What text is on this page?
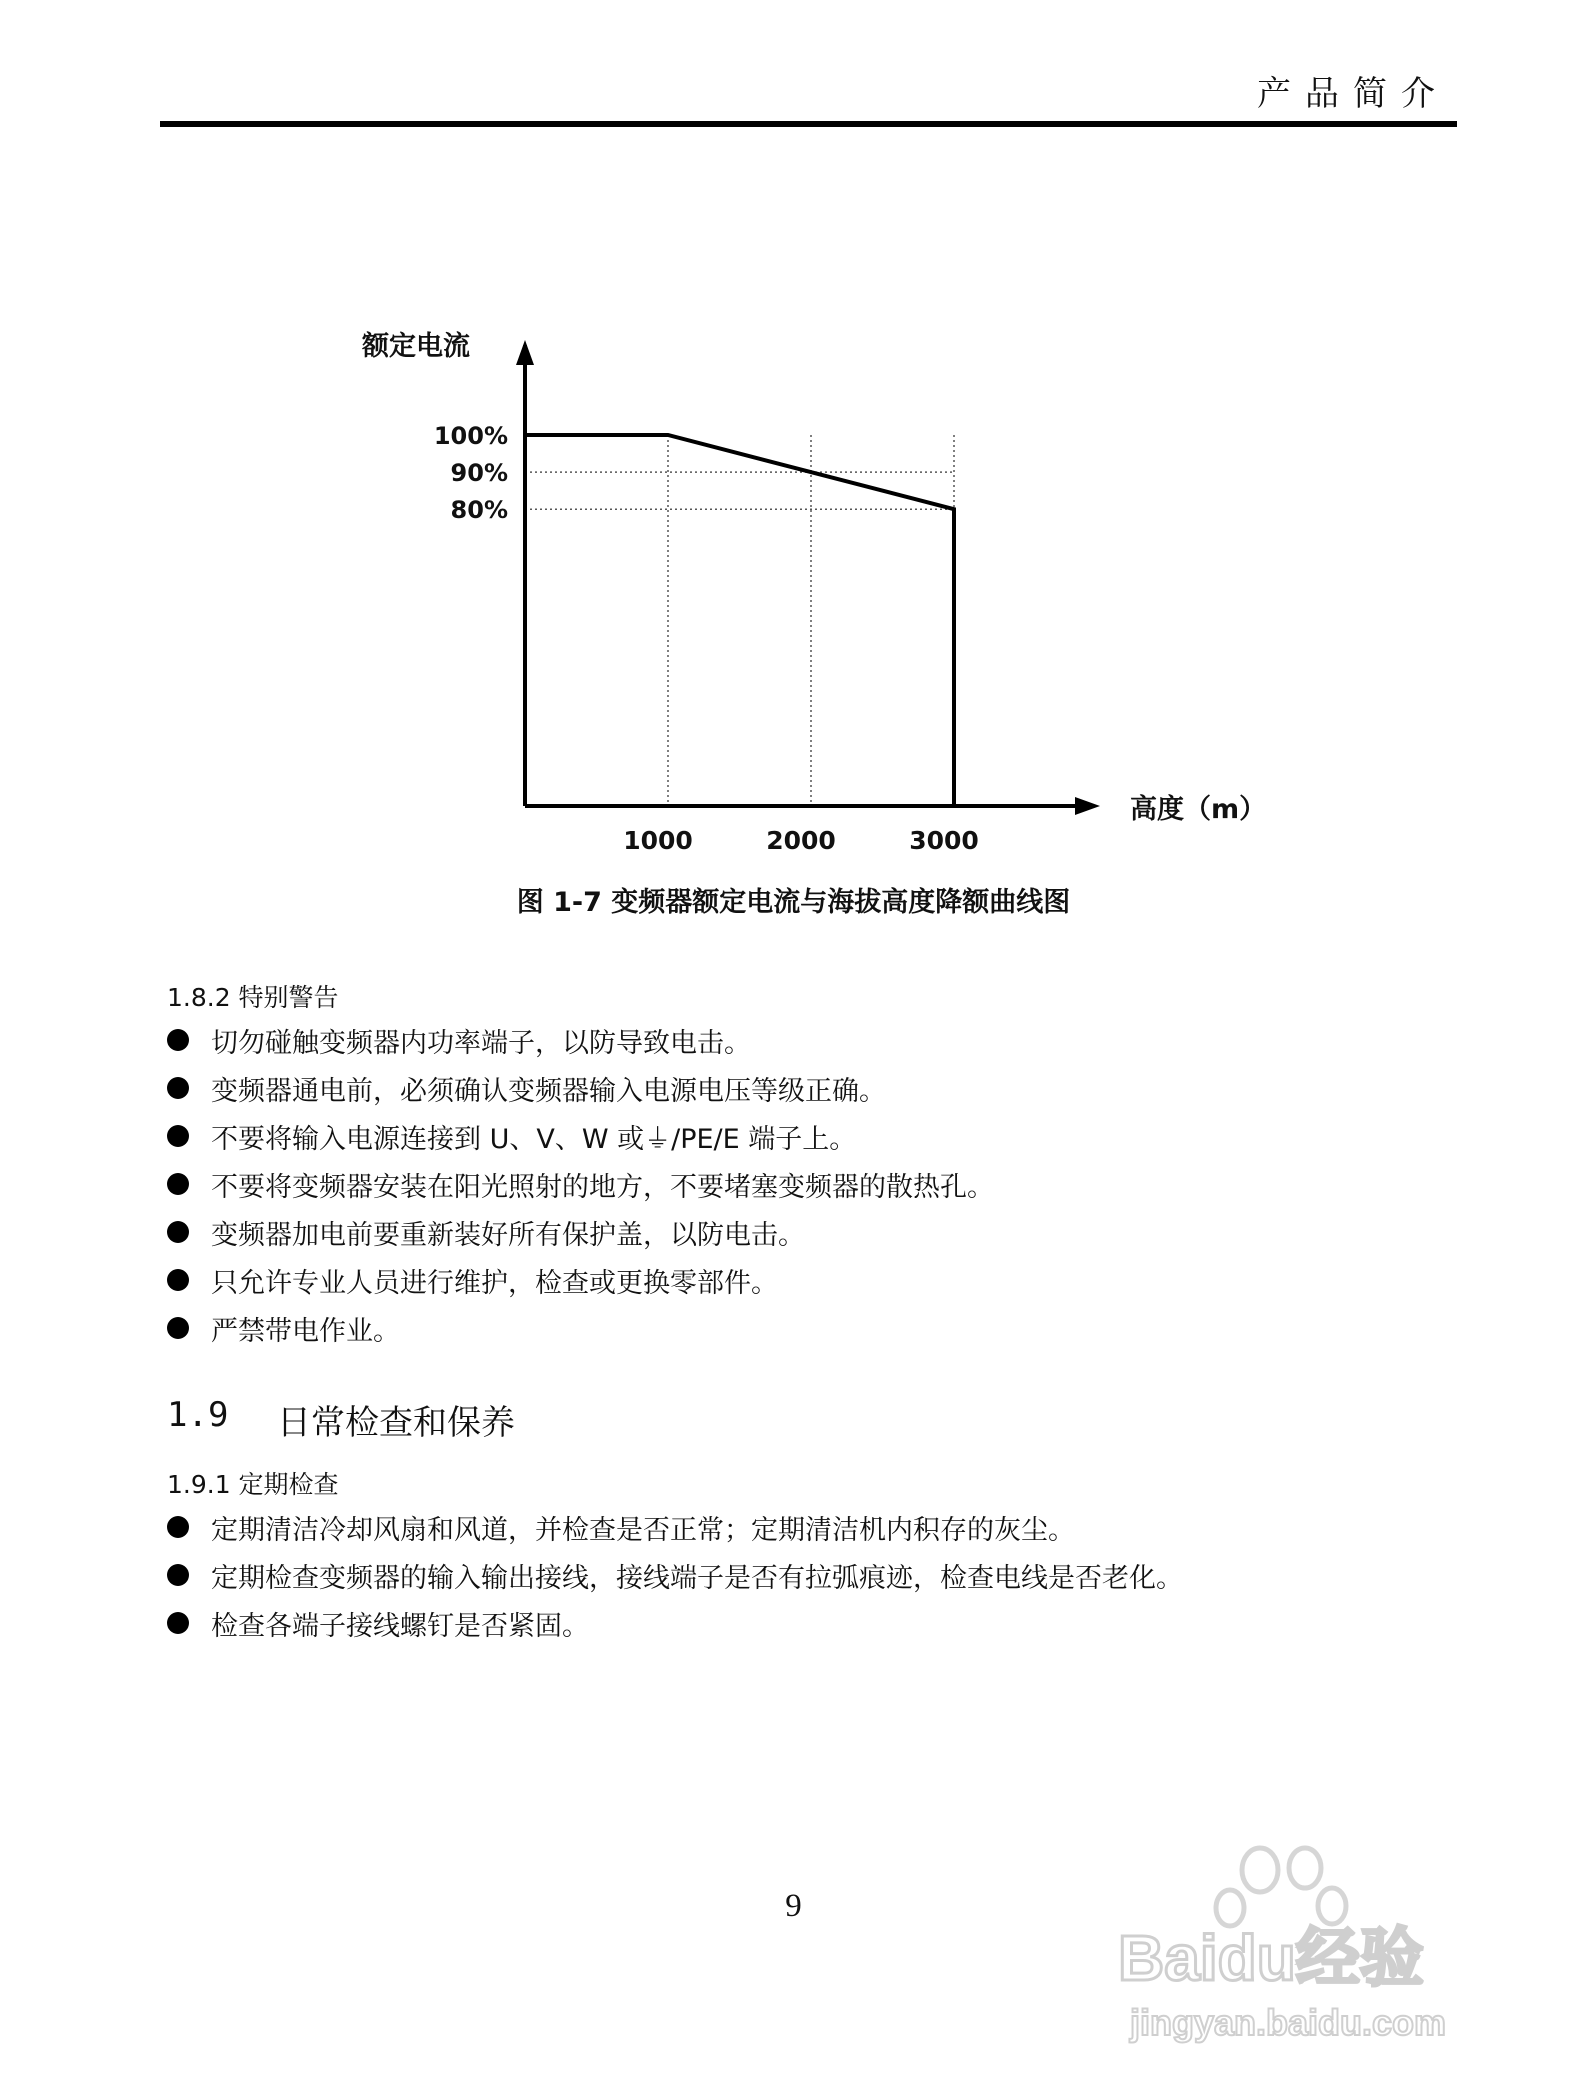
产品简介
额定电流
高度（m）
100%
90%
80%
1000	2000	3000
图 1-7 变频器额定电流与海拔高度降额曲线图
1.8.2 特别警告
切勿碰触变频器内功率端子，以防导致电击。
变频器通电前，必须确认变频器输入电源电压等级正确。
不要将输入电源连接到 U、V、W 或⏚/PE/E 端子上。
不要将变频器安装在阳光照射的地方，不要堵塞变频器的散热孔。
变频器加电前要重新装好所有保护盖，以防电击。
只允许专业人员进行维护，检查或更换零部件。
严禁带电作业。
1.9	日常检查和保养
1.9.1 定期检查
定期清洁冷却风扇和风道，并检查是否正常；定期清洁机内积存的灰尘。
定期检查变频器的输入输出接线，接线端子是否有拉弧痕迹，检查电线是否老化。
检查各端子接线螺钉是否紧固。
9
Baidu经验
jingyan.baidu.com
